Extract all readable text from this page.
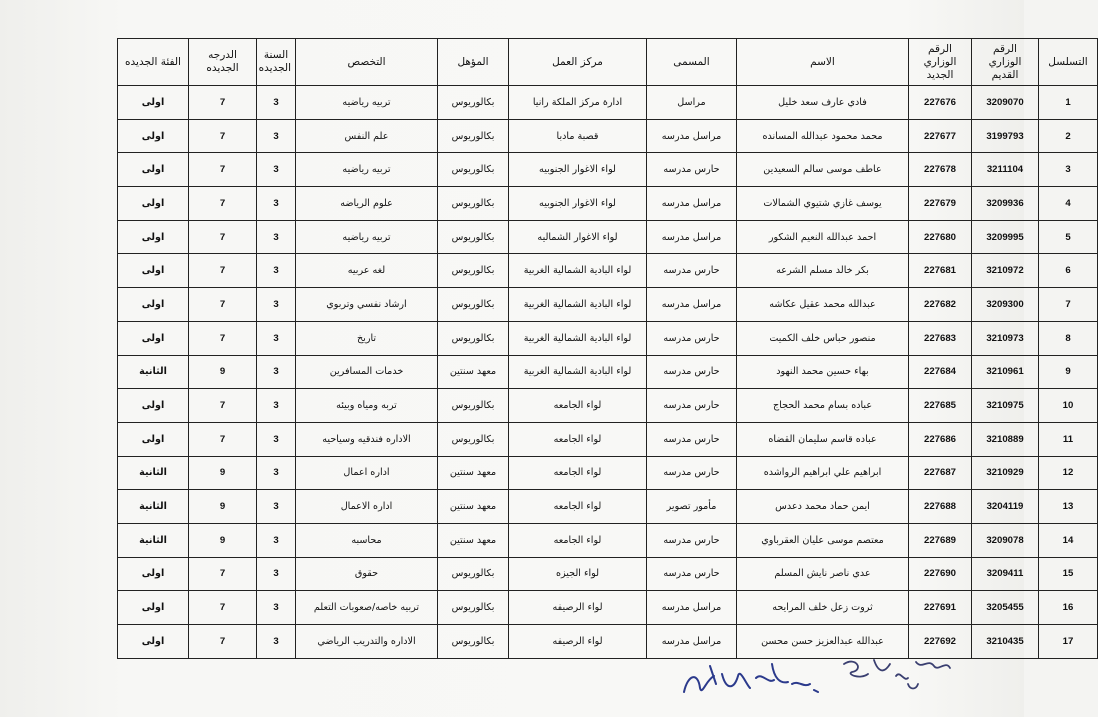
التسلسل	الرقم الوزاري القديم	الرقم الوزاري الجديد	الاسم	المسمى	مركز العمل	المؤهل	التخصص	السنة الجديده	الدرجه الجديده	الفئة الجديده
1	3209070	227676	فادي عارف سعد خليل	مراسل	ادارة مركز الملكة رانيا	بكالوريوس	تربيه رياضيه	3	7	اولى
2	3199793	227677	محمد محمود عبدالله المسانده	مراسل مدرسه	قصبة مادبا	بكالوريوس	علم النفس	3	7	اولى
3	3211104	227678	عاطف موسى سالم السعيدين	حارس مدرسه	لواء الاغوار الجنوبيه	بكالوريوس	تربيه رياضيه	3	7	اولى
4	3209936	227679	يوسف غازي شتيوي الشمالات	مراسل مدرسه	لواء الاغوار الجنوبيه	بكالوريوس	علوم الرياضه	3	7	اولى
5	3209995	227680	احمد عبدالله النعيم الشكور	مراسل مدرسه	لواء الاغوار الشماليه	بكالوريوس	تربيه رياضيه	3	7	اولى
6	3210972	227681	بكر خالد مسلم الشرعه	حارس مدرسه	لواء البادية الشمالية الغربية	بكالوريوس	لغه عربيه	3	7	اولى
7	3209300	227682	عبدالله محمد عقيل عكاشه	مراسل مدرسه	لواء البادية الشمالية الغربية	بكالوريوس	ارشاد نفسي وتربوي	3	7	اولى
8	3210973	227683	منصور حباس خلف الكميت	حارس مدرسه	لواء البادية الشمالية الغربية	بكالوريوس	تاريخ	3	7	اولى
9	3210961	227684	بهاء حسين محمد النهود	حارس مدرسه	لواء البادية الشمالية الغربية	معهد سنتين	خدمات المسافرين	3	9	الثانية
10	3210975	227685	عباده بسام محمد الحجاج	حارس مدرسه	لواء الجامعه	بكالوريوس	تربه ومياه وبيئه	3	7	اولى
11	3210889	227686	عباده قاسم سليمان القضاه	حارس مدرسه	لواء الجامعه	بكالوريوس	الاداره فندقيه وسياحيه	3	7	اولى
12	3210929	227687	ابراهيم علي ابراهيم الرواشده	حارس مدرسه	لواء الجامعه	معهد سنتين	اداره اعمال	3	9	الثانية
13	3204119	227688	ايمن حماد محمد دعدس	مأمور تصوير	لواء الجامعه	معهد سنتين	اداره الاعمال	3	9	الثانية
14	3209078	227689	معتصم موسى عليان العقرباوي	حارس مدرسه	لواء الجامعه	معهد سنتين	محاسبه	3	9	الثانية
15	3209411	227690	عدي ناصر نايش المسلم	حارس مدرسه	لواء الجيزه	بكالوريوس	حقوق	3	7	اولى
16	3205455	227691	ثروت زعل خلف المرايحه	مراسل مدرسه	لواء الرصيفه	بكالوريوس	تربيه خاصه/صعوبات التعلم	3	7	اولى
17	3210435	227692	عبدالله عبدالعزيز حسن محسن	مراسل مدرسه	لواء الرصيفه	بكالوريوس	الاداره والتدريب الرياضي	3	7	اولى
